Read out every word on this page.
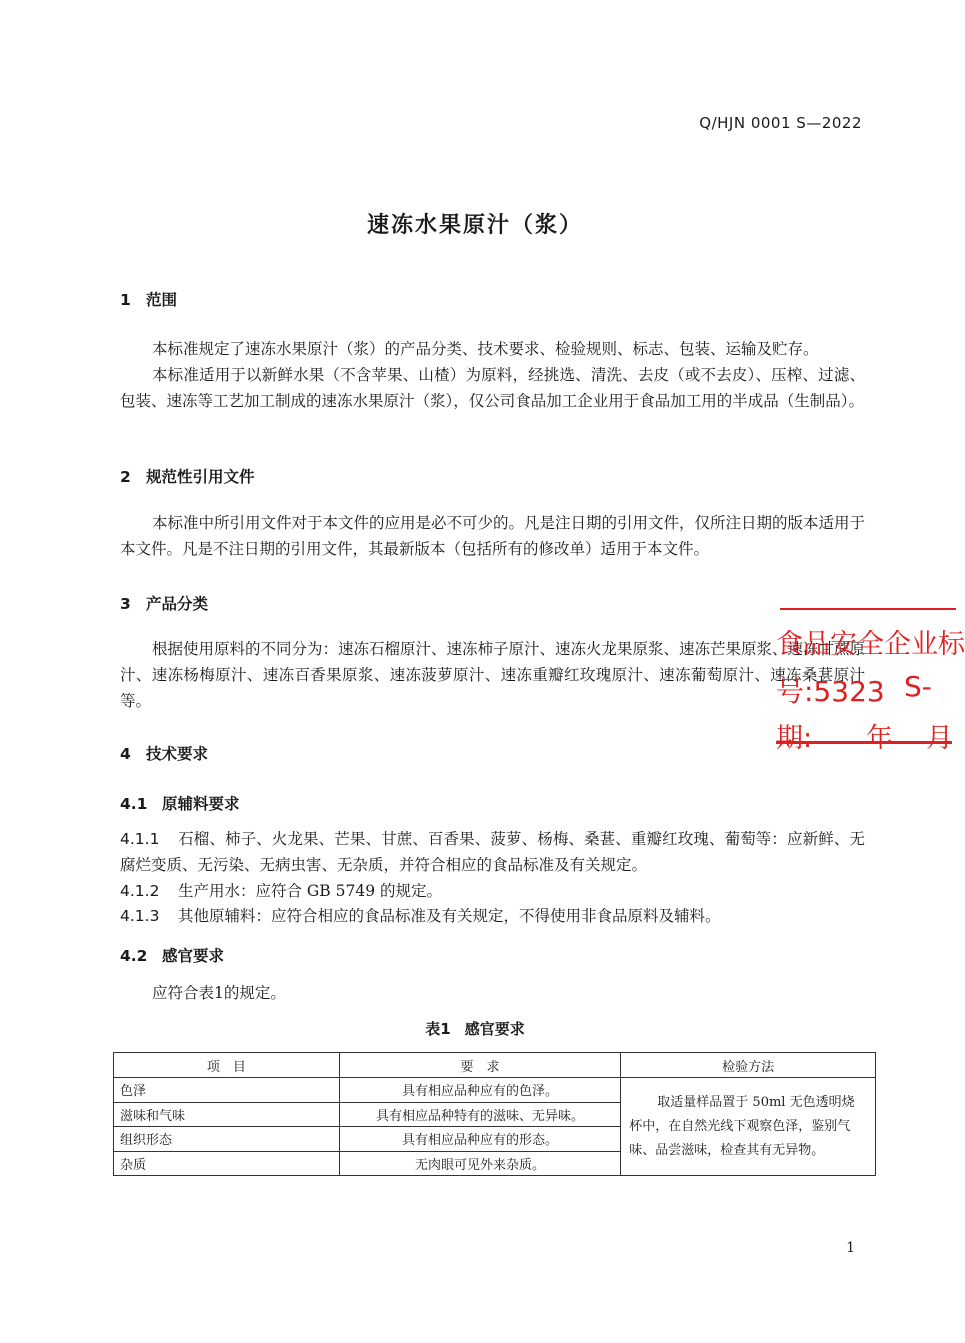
Q/HJN 0001 S—2022
速冻水果原汁（浆）
1 范围
本标准规定了速冻水果原汁（浆）的产品分类、技术要求、检验规则、标志、包装、运输及贮存。
本标准适用于以新鲜水果（不含苹果、山楂）为原料，经挑选、清洗、去皮（或不去皮）、压榨、过滤、包装、速冻等工艺加工制成的速冻水果原汁（浆），仅公司食品加工企业用于食品加工用的半成品（生制品）。
2 规范性引用文件
本标准中所引用文件对于本文件的应用是必不可少的。凡是注日期的引用文件，仅所注日期的版本适用于本文件。凡是不注日期的引用文件，其最新版本（包括所有的修改单）适用于本文件。
3 产品分类
根据使用原料的不同分为：速冻石榴原汁、速冻柿子原汁、速冻火龙果原浆、速冻芒果原浆、速冻甘蔗原汁、速冻杨梅原汁、速冻百香果原浆、速冻菠萝原汁、速冻重瓣红玫瑰原汁、速冻葡萄原汁、速冻桑葚原汁等。
4 技术要求
4.1 原辅料要求
4.1.1 石榴、柿子、火龙果、芒果、甘蔗、百香果、菠萝、杨梅、桑葚、重瓣红玫瑰、葡萄等：应新鲜、无腐烂变质、无污染、无病虫害、无杂质，并符合相应的食品标准及有关规定。
4.1.2 生产用水：应符合 GB 5749 的规定。
4.1.3 其他原辅料：应符合相应的食品标准及有关规定，不得使用非食品原料及辅料。
4.2 感官要求
应符合表1的规定。
表1 感官要求
项　目	要　求	检验方法
色泽	具有相应品种应有的色泽。	取适量样品置于 50ml 无色透明烧杯中，在自然光线下观察色泽，鉴别气味、品尝滋味，检查其有无异物。
滋味和气味	具有相应品种特有的滋味、无异味。	
组织形态	具有相应品种应有的形态。	
杂质	无肉眼可见外来杂质。	
食品安全企业标
号:5323 S-
期: 年 月
1
